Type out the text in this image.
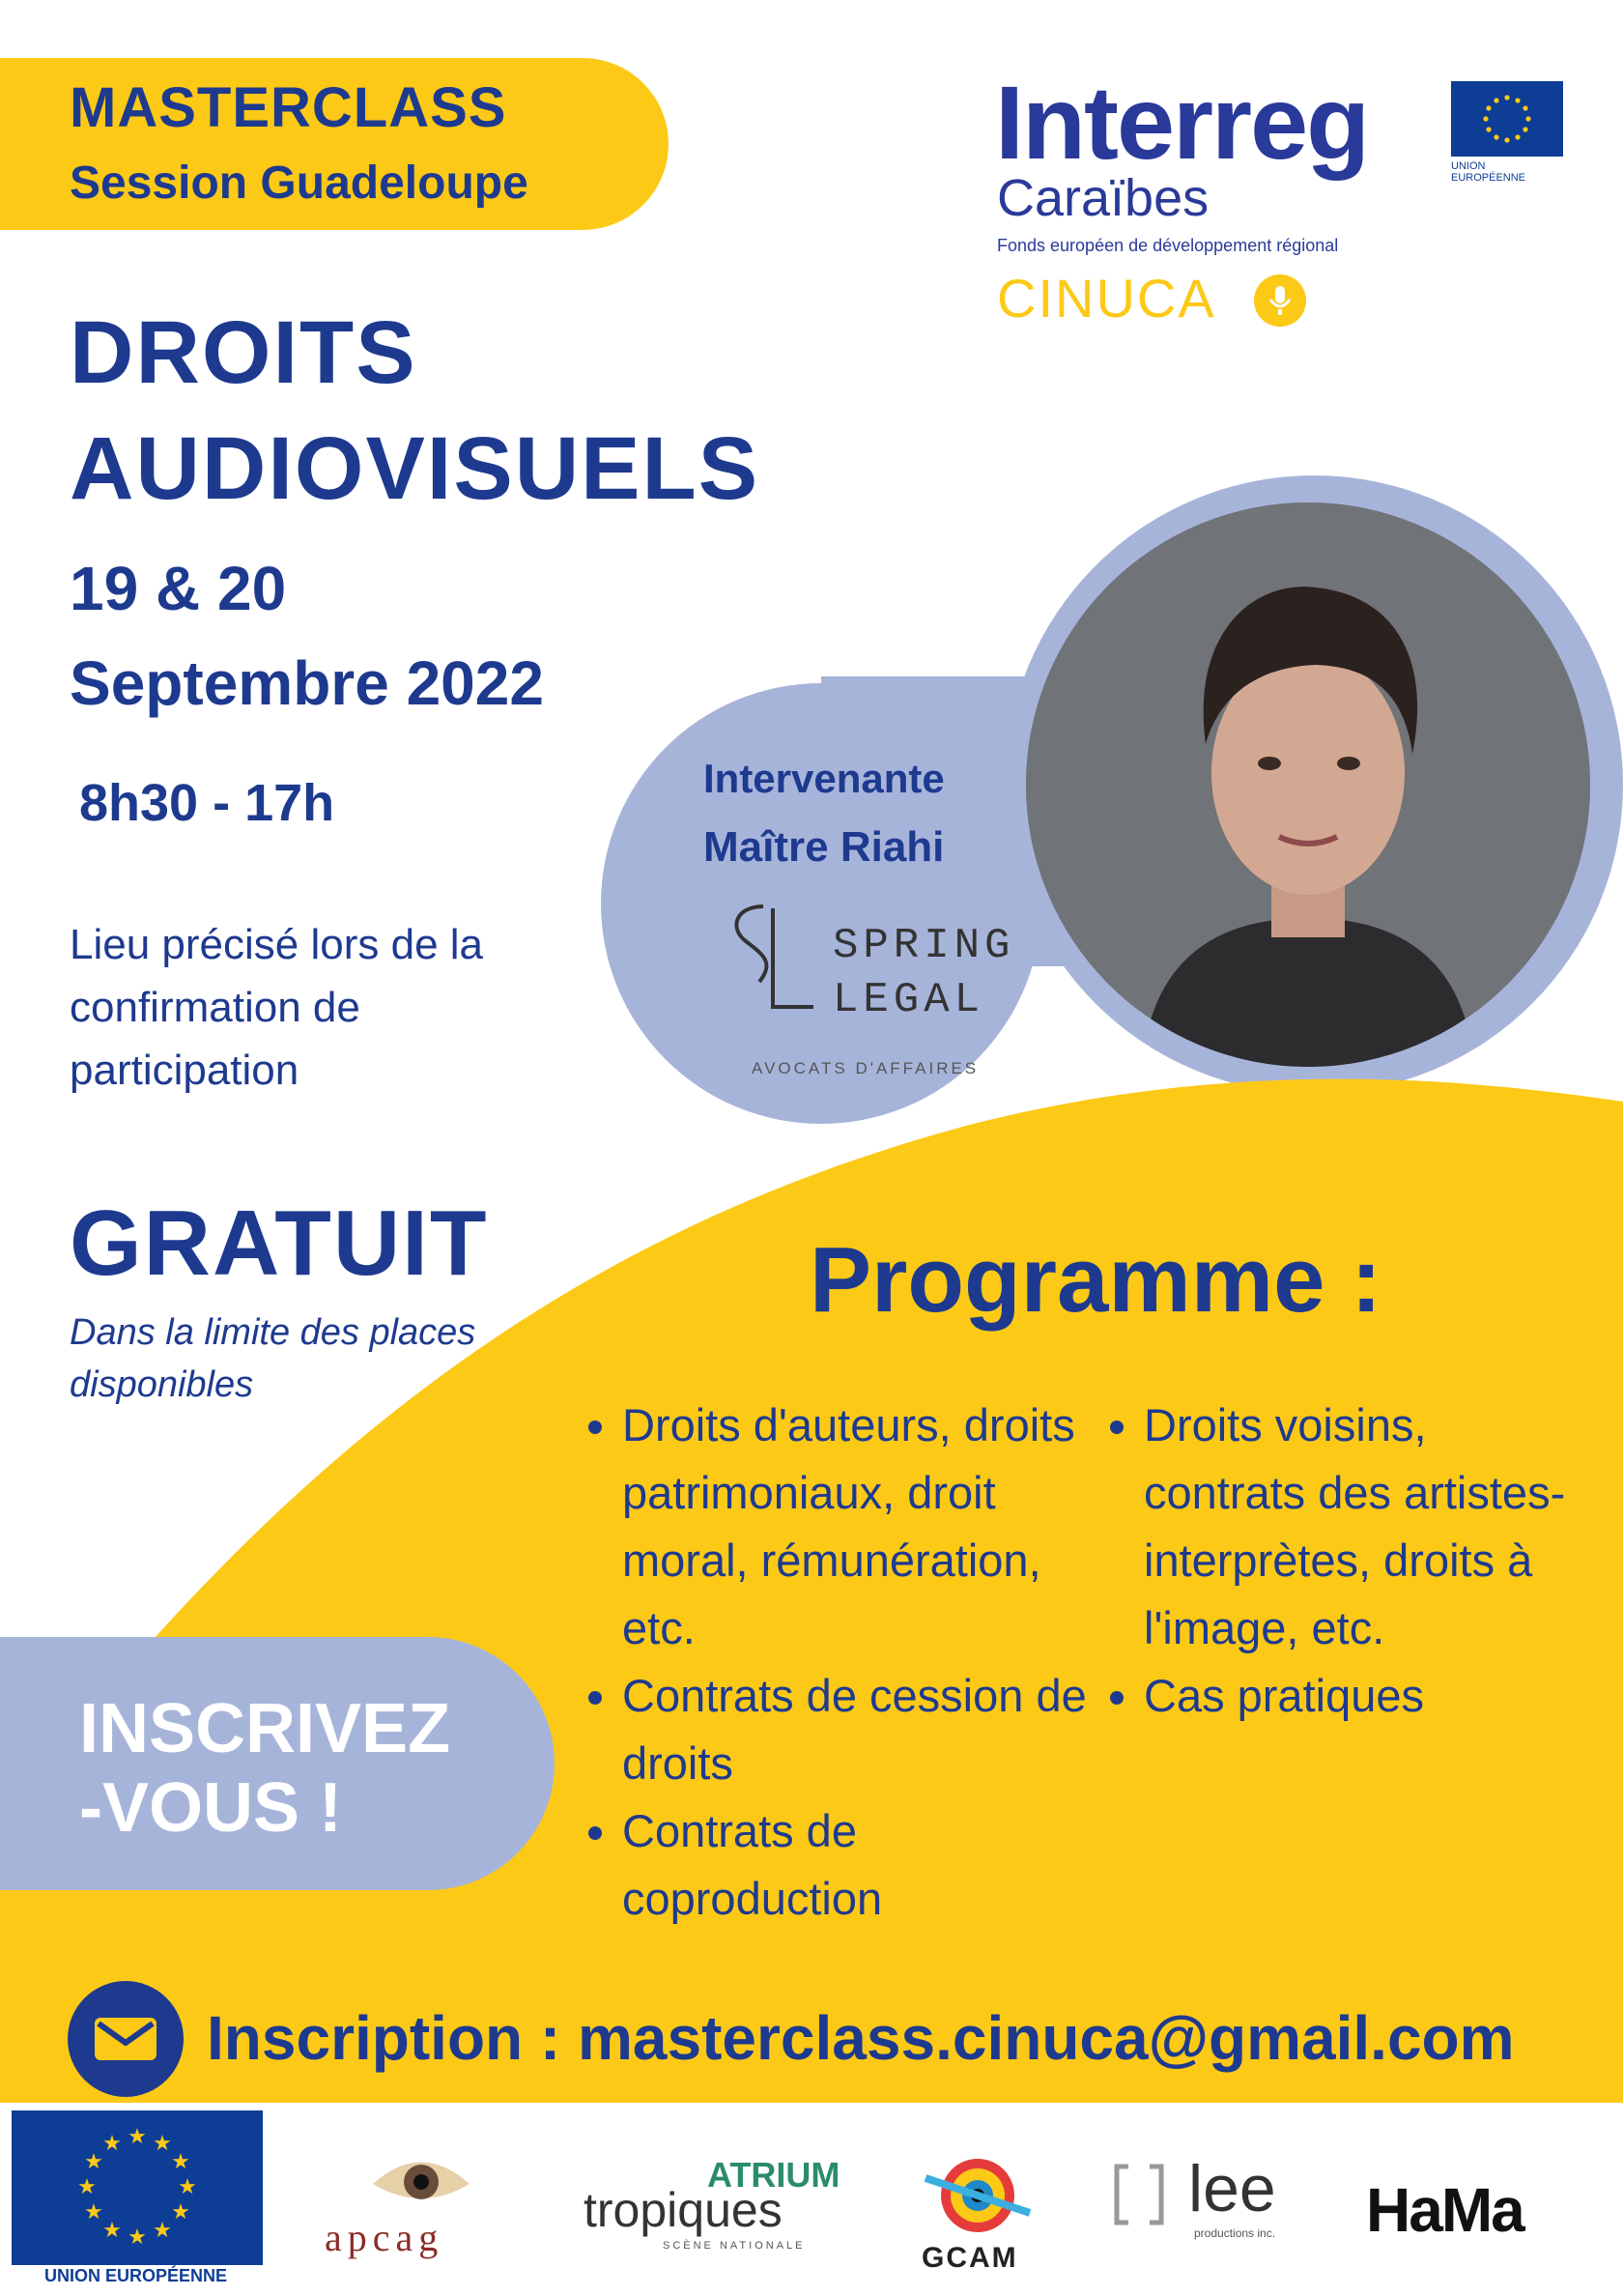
MASTERCLASS
Session Guadeloupe
Interreg	UNION
EUROPÉENNE
Caraïbes
Fonds européen de développement régional
CINUCA
DROITS
AUDIOVISUELS
19 & 20
Septembre 2022
8h30 - 17h
Lieu précisé lors de la confirmation de participation
GRATUIT
Dans la limite des places disponibles
Intervenante
Maître Riahi
SPRING
LEGAL
AVOCATS D'AFFAIRES
Programme :
• Droits d'auteurs, droits patrimoniaux, droit moral, rémunération, etc.
• Contrats de cession de droits
• Contrats de coproduction
• Droits voisins, contrats des artistes-interprètes, droits à l'image, etc.
• Cas pratiques
INSCRIVEZ
-VOUS !
Inscription : masterclass.cinuca@gmail.com
★ ★
★
★
★
★
★
★
★
★
★
★
UNION EUROPÉENNE
apcag
ATRIUM
tropiques
SCÈNE NATIONALE	GCAM
lee
productions inc. HaMa
